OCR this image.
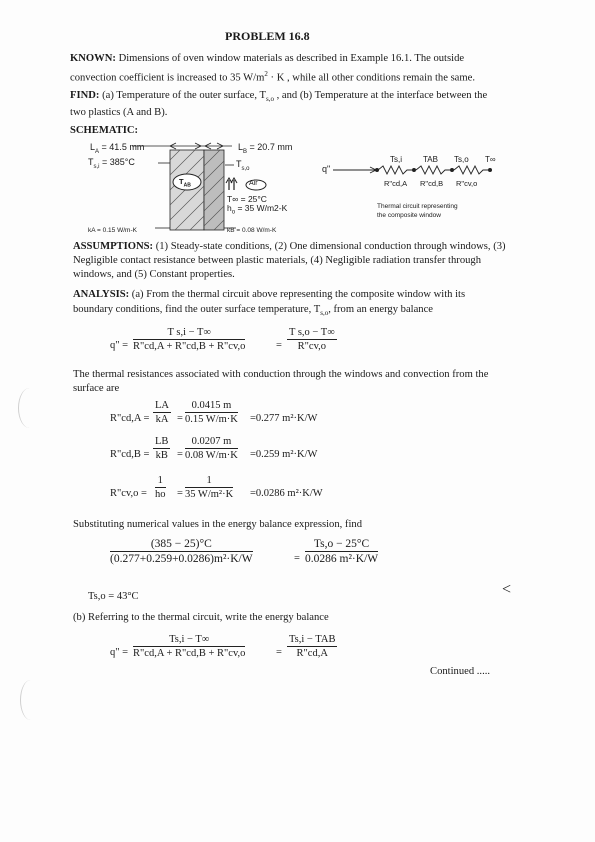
PROBLEM 16.8
KNOWN: Dimensions of oven window materials as described in Example 16.1. The outside
convection coefficient is increased to 35 $W/m^2 \cdot K$ , while all other conditions remain the same.
FIND: (a) Temperature of the outer surface, $T_{s,o}$ , and (b) Temperature at the interface between the
two plastics (A and B).
SCHEMATIC:
$L_A = 41.5$ mm	$L_B = 20.7$ mm
$T_{s,i} = 385^\circ C$	$T_{s,o}$
T∞ = 25°C
$h_o = 35$ W/m2-K
kA = 0.15 W/m-K	kB = 0.08 W/m-K
$T_{AB}$	Air
Ts,i	TAB Ts,o T∞
q"
R"cd,A R"cd,B R"cv,o
Thermal circuit representing
the composite window
ASSUMPTIONS: (1) Steady-state conditions, (2) One dimensional conduction through windows, (3)
Negligible contact resistance between plastic materials, (4) Negligible radiation transfer through
windows, and (5) Constant properties.
ANALYSIS: (a) From the thermal circuit above representing the composite window with its
boundary conditions, find the outer surface temperature, $T_{s,o}$, from an energy balance
q" = $\frac{\text{T s,i − T∞}}{R"cd,A + R"cd,B + R"cv,o}$	= $\frac{\text{T s,o − T∞}}{R"cv,o}$
The thermal resistances associated with conduction through the windows and convection from the
surface are
R"cd,A = $\frac{LA}{kA} = \frac{0.0415 m}{0.15 W/m\cdot K} =0.277$ m²·K/W
R"cd,B = $\frac{LB}{kB} = \frac{0.0207 m}{0.08 W/m\cdot K} =0.259$ m²·K/W
R"cv,o = $\frac{1}{ho} = \frac{1}{\text{35 W/m²·K}} =0.0286$ m²·K/W
Substituting numerical values in the energy balance expression, find
$\frac{(385 - 25)^\circ C}{\text{(0.277+0.259+0.0286)m²·K/W}}$	= $\frac{Ts,o - 25^\circ C}{\text{0.0286 m²·K/W}}$
Ts,o = 43°C	<
(b) Referring to the thermal circuit, write the energy balance
q" = $\frac{Ts,i - T\infty}{R"cd,A + R"cd,B + R"cv,o}$	=
Ts,i − TAB
R"cd,A
Continued .....
